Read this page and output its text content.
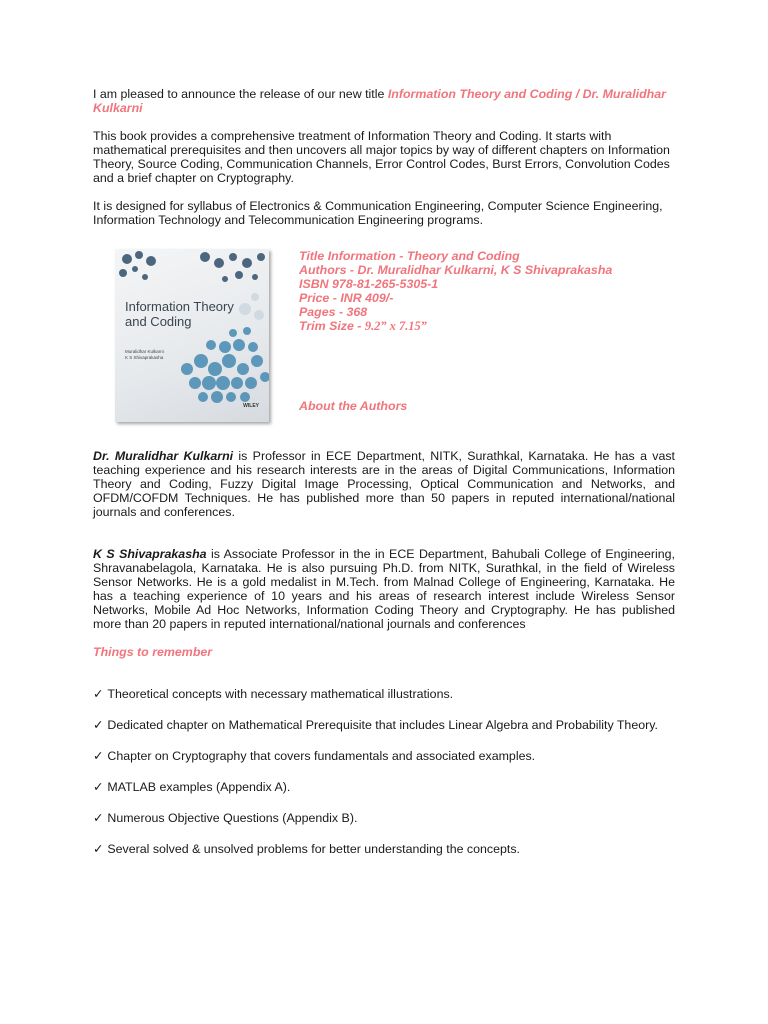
I am pleased to announce the release of our new title Information Theory and Coding / Dr. Muralidhar Kulkarni

This book provides a comprehensive treatment of Information Theory and Coding. It starts with mathematical prerequisites and then uncovers all major topics by way of different chapters on Information Theory, Source Coding, Communication Channels, Error Control Codes, Burst Errors, Convolution Codes and a brief chapter on Cryptography.

It is designed for syllabus of Electronics & Communication Engineering, Computer Science Engineering, Information Technology and Telecommunication Engineering programs.

Information Theory and Coding
Muralidhar Kulkarni
K S Shivaprakasha
WILEY

Title Information - Theory and Coding

Authors - Dr. Muralidhar Kulkarni, K S Shivaprakasha

ISBN 978-81-265-5305-1

Price - INR 409/-

Pages - 368

Trim Size - 9.2” x 7.15”

About the Authors

Dr. Muralidhar Kulkarni is Professor in ECE Department, NITK, Surathkal, Karnataka. He has a vast teaching experience and his research interests are in the areas of Digital Communications, Information Theory and Coding, Fuzzy Digital Image Processing, Optical Communication and Networks, and OFDM/COFDM Techniques. He has published more than 50 papers in reputed international/national journals and conferences.

K S Shivaprakasha is Associate Professor in the in ECE Department, Bahubali College of Engineering, Shravanabelagola, Karnataka. He is also pursuing Ph.D. from NITK, Surathkal, in the field of Wireless Sensor Networks. He is a gold medalist in M.Tech. from Malnad College of Engineering, Karnataka. He has a teaching experience of 10 years and his areas of research interest include Wireless Sensor Networks, Mobile Ad Hoc Networks, Information Coding Theory and Cryptography. He has published more than 20 papers in reputed international/national journals and conferences

Things to remember

✓ Theoretical concepts with necessary mathematical illustrations.

✓ Dedicated chapter on Mathematical Prerequisite that includes Linear Algebra and Probability Theory.

✓ Chapter on Cryptography that covers fundamentals and associated examples.

✓ MATLAB examples (Appendix A).

✓ Numerous Objective Questions (Appendix B).

✓ Several solved & unsolved problems for better understanding the concepts.
